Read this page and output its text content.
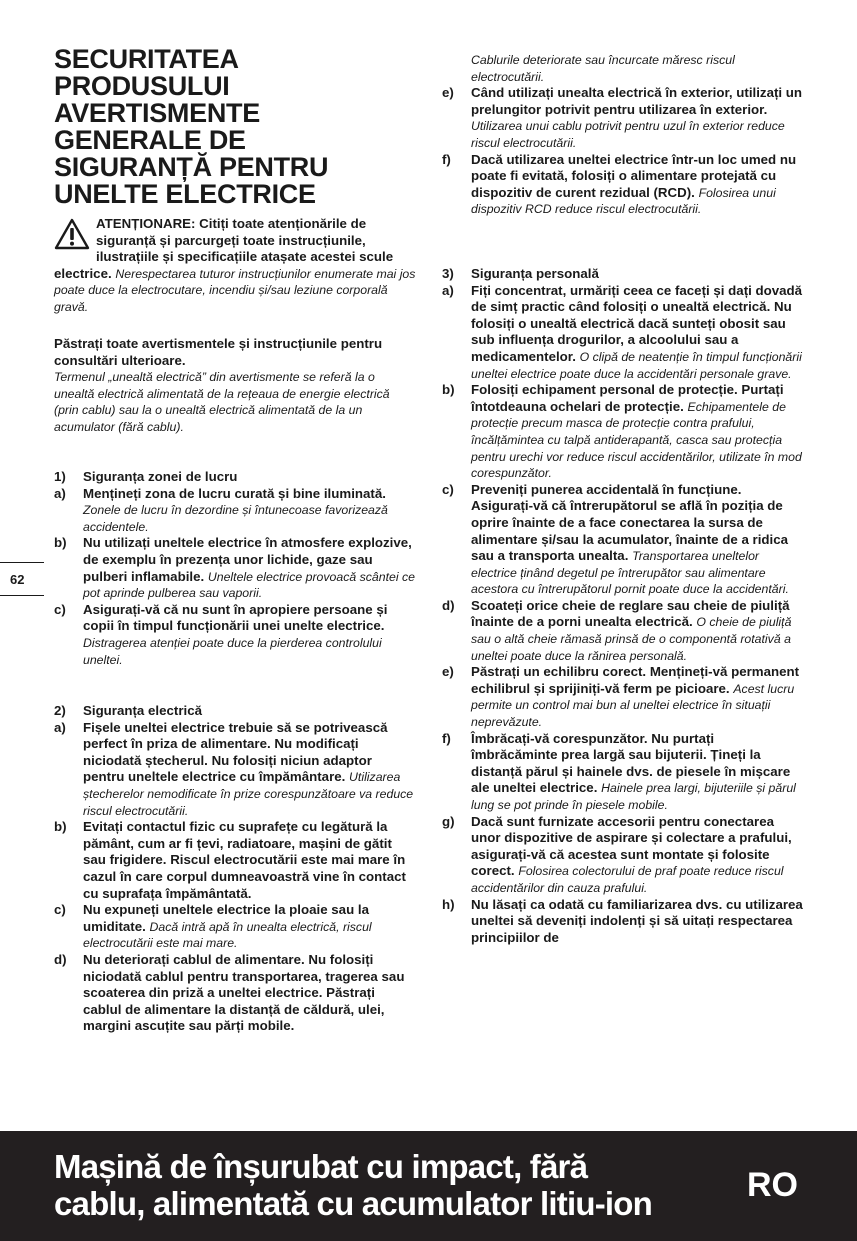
SECURITATEA
PRODUSULUI
AVERTISMENTE
GENERALE DE
SIGURANȚĂ PENTRU
UNELTE ELECTRICE
ATENȚIONARE: Citiți toate atenționările de siguranță și parcurgeți toate instrucțiunile, ilustrațiile și specificațiile atașate acestei scule electrice. Nerespectarea tuturor instrucțiunilor enumerate mai jos poate duce la electrocutare, incendiu și/sau leziune corporală gravă.
Păstrați toate avertismentele și instrucțiunile pentru consultări ulterioare.
Termenul „unealtă electrică” din avertismente se referă la o unealtă electrică alimentată de la rețeaua de energie electrică (prin cablu) sau la o unealtă electrică alimentată de la un acumulator (fără cablu).
1) Siguranța zonei de lucru
a) Mențineți zona de lucru curată și bine iluminată. Zonele de lucru în dezordine și întunecoase favorizează accidentele.
b) Nu utilizați uneltele electrice în atmosfere explozive, de exemplu în prezența unor lichide, gaze sau pulberi inflamabile. Uneltele electrice provoacă scântei ce pot aprinde pulberea sau vaporii.
c) Asigurați-vă că nu sunt în apropiere persoane și copii în timpul funcționării unei unelte electrice. Distragerea atenției poate duce la pierderea controlului uneltei.
2) Siguranța electrică
a) Fișele uneltei electrice trebuie să se potrivească perfect în priza de alimentare. Nu modificați niciodată ștecherul. Nu folosiți niciun adaptor pentru uneltele electrice cu împământare. Utilizarea ștecherelor nemodificate în prize corespunzătoare va reduce riscul electrocutării.
b) Evitați contactul fizic cu suprafețe cu legătură la pământ, cum ar fi țevi, radiatoare, mașini de gătit sau frigidere. Riscul electrocutării este mai mare în cazul în care corpul dumneavoastră vine în contact cu suprafața împământată.
c) Nu expuneți uneltele electrice la ploaie sau la umiditate. Dacă intră apă în unealta electrică, riscul electrocutării este mai mare.
d) Nu deteriorați cablul de alimentare. Nu folosiți niciodată cablul pentru transportarea, tragerea sau scoaterea din priză a uneltei electrice. Păstrați cablul de alimentare la distanță de căldură, ulei, margini ascuțite sau părți mobile.
62
Cablurile deteriorate sau încurcate măresc riscul electrocutării.
e) Când utilizați unealta electrică în exterior, utilizați un prelungitor potrivit pentru utilizarea în exterior. Utilizarea unui cablu potrivit pentru uzul în exterior reduce riscul electrocutării.
f) Dacă utilizarea uneltei electrice într-un loc umed nu poate fi evitată, folosiți o alimentare protejată cu dispozitiv de curent rezidual (RCD). Folosirea unui dispozitiv RCD reduce riscul electrocutării.
3) Siguranța personală
a) Fiți concentrat, urmăriți ceea ce faceți și dați dovadă de simț practic când folosiți o unealtă electrică. Nu folosiți o unealtă electrică dacă sunteți obosit sau sub influența drogurilor, a alcoolului sau a medicamentelor. O clipă de neatenție în timpul funcționării uneltei electrice poate duce la accidentări personale grave.
b) Folosiți echipament personal de protecție. Purtați întotdeauna ochelari de protecție. Echipamentele de protecție precum masca de protecție contra prafului, încălțămintea cu talpă antiderapantă, casca sau protecția pentru urechi vor reduce riscul accidentărilor, utilizate în mod corespunzător.
c) Preveniți punerea accidentală în funcțiune. Asigurați-vă că întrerupătorul se află în poziția de oprire înainte de a face conectarea la sursa de alimentare și/sau la acumulator, înainte de a ridica sau a transporta unealta. Transportarea uneltelor electrice ținând degetul pe întrerupător sau alimentare acestora cu întrerupătorul pornit poate duce la accidentări.
d) Scoateți orice cheie de reglare sau cheie de piuliță înainte de a porni unealta electrică. O cheie de piuliță sau o altă cheie rămasă prinsă de o componentă rotativă a uneltei poate duce la rănirea personală.
e) Păstrați un echilibru corect. Mențineți-vă permanent echilibrul și sprijiniți-vă ferm pe picioare. Acest lucru permite un control mai bun al uneltei electrice în situații neprevăzute.
f) Îmbrăcați-vă corespunzător. Nu purtați îmbrăcăminte prea largă sau bijuterii. Țineți la distanță părul și hainele dvs. de piesele în mișcare ale uneltei electrice. Hainele prea largi, bijuteriile și părul lung se pot prinde în piesele mobile.
g) Dacă sunt furnizate accesorii pentru conectarea unor dispozitive de aspirare și colectare a prafului, asigurați-vă că acestea sunt montate și folosite corect. Folosirea colectorului de praf poate reduce riscul accidentărilor din cauza prafului.
h) Nu lăsați ca odată cu familiarizarea dvs. cu utilizarea uneltei să deveniți indolenți și să uitați respectarea principiilor de
Mașină de înșurubat cu impact, fără
cablu, alimentată cu acumulator litiu-ion	RO
